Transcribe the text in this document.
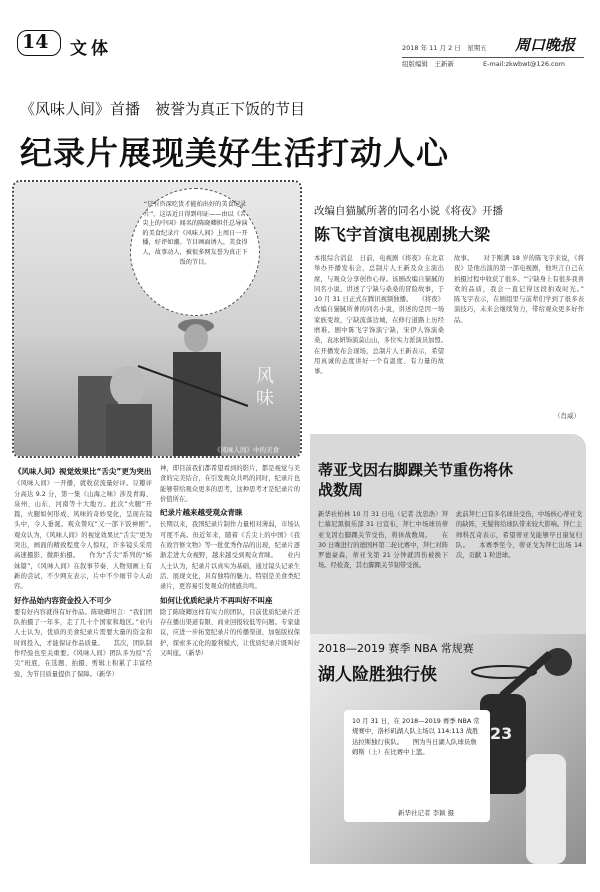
14 文体	2018 年 11 月 2 日　星期五 周口晚报
组版编辑　王新新	E-mail:zkwbwt@126.com
《风味人间》首播　被誉为真正下饭的节目
纪录片展现美好生活打动人心
“只有咨深吃货才能拍出好的美食纪录片”。这话近日得到印证——由以《舌尖上的中国》闻名的陈晓卿担任总导演的美食纪录片《风味人间》上周日一开播，好评如潮。节目画面诱人，美食得人，故事动人，被很多网友誉为真正下饭的节目。
风味
《风味人间》中的美食
《风味人间》视觉效果比“舌尖”更为突出

《风味人间》一开播，就收获流量好评。豆瓣评分高达 9.2 分，第一集《山海之味》涉及青海、泉州、山东、河南等十大地方。此次“火腿”开篇，火腿如何形成、风味的奇妙变化，呈现在镜头中，令人垂涎。观众赞叹“又一部下饭神剧”。　　观众认为，《风味人间》的视觉效果比“舌尖”更为突出，画面的精致程度令人惊叹，许多镜头采用高速摄影、微距拍摄。　　作为“舌尖”系列的“姊妹篇”，《风味人间》在叙事节奏、人物刻画上有新的尝试，不少网友表示，片中不少细节令人动容。

好作品始内容资金投入不可少

要有好内容就得有好作品。陈晓卿坦言：“我们团队拍摄了一年多，走了几十个国家和地区。”业内人士认为，优质的美食纪录片需要大量的资金和时间投入，才能保证作品质量。　　其次，团队制作经验也至关重要。《风味人间》团队多为原“舌尖”班底，在选题、拍摄、剪辑上积累了丰富经验，为节目质量提供了保障。（新华）

神，即目前我们都希望看到的影片，都是视觉与美食的完美结合，在引发观众共鸣的同时，纪录片也能够带给观众更多的思考，这种思考才是纪录片的价值所在。

纪录片越来越受观众青睐

长期以来，我国纪录片制作力量相对薄弱，市场认可度不高。但近年来，随着《舌尖上的中国》《我在故宫修文物》等一批优秀作品的出现，纪录片逐渐走进大众视野，越来越受到观众青睐。　　业内人士认为，纪录片以真实为基础，通过镜头记录生活、展现文化，具有独特的魅力。特别是美食类纪录片，更容易引发观众的情感共鸣。

如何让优质纪录片不再叫好不叫座

除了陈晓卿这样有实力的团队，目前优质纪录片还存在播出渠道有限、商业回报较低等问题。专家建议，应进一步拓宽纪录片的传播渠道，加强版权保护，探索多元化的盈利模式，让优质纪录片既叫好又叫座。（新华）

改编自猫腻所著的同名小说《将夜》开播
陈飞宇首演电视剧挑大梁
本报综合消息　日前，电视剧《将夜》在北京举办开播发布会，总制片人王新及众主演出席，与观众分享创作心得。该剧改编自猫腻的同名小说，讲述了宁缺与桑桑的冒险故事，于 10 月 31 日正式在腾讯视频独播。　　《将夜》改编自猫腻所著的同名小说，讲述的是因一场家族变故，宁缺流落边城，在修行道路上历经磨难。剧中陈飞宇饰演宁缺，宋伊人饰演桑桑，袁冰妍饰演莫山山，多位实力派演员加盟。　　在开播发布会现场，总制片人王新表示，希望用真诚的态度讲好一个有温度、有力量的故事。
故事。　　对于刚满 18 岁的陈飞宇来说，《将夜》是他出演的第一部电视剧，他坦言自己在拍摄过程中收获了很多。“宁缺身上有很多我喜欢的品质，我会一直记得这段拍戏时光。”　　陈飞宇表示，在剧组里与前辈们学到了很多表演技巧，未来会继续努力，带给观众更多好作品。
（肖威）
蒂亚戈因右脚踝关节重伤将休战数周
新华社柏林 10 月 31 日电（记者 沈忠浩）拜仁慕尼黑俱乐部 31 日宣布，拜仁中场球员蒂亚戈因右脚踝关节受伤，将休战数周。　　在 30 日晚进行的德国杯第二轮比赛中，拜仁对阵罗德豪森，蒂亚戈第 21 分钟就因伤被换下场。经检查，其右脚踝关节韧带受损。
此前拜仁已有多名球员受伤，中场核心蒂亚戈的缺阵，无疑将给球队带来较大影响。拜仁主帅科瓦奇表示，希望蒂亚戈能够早日康复归队。　　本赛季至今，蒂亚戈为拜仁出场 14 次，贡献 1 粒进球。
23
2018—2019 赛季 NBA 常规赛
湖人险胜独行侠
10 月 31 日，在 2018—2019 赛季 NBA 常规赛中，洛杉矶湖人队主场以 114:113 战胜达拉斯独行侠队。　　图为当日湖人队球员詹姆斯（上）在比赛中上篮。
新华社记者 李颖 摄
